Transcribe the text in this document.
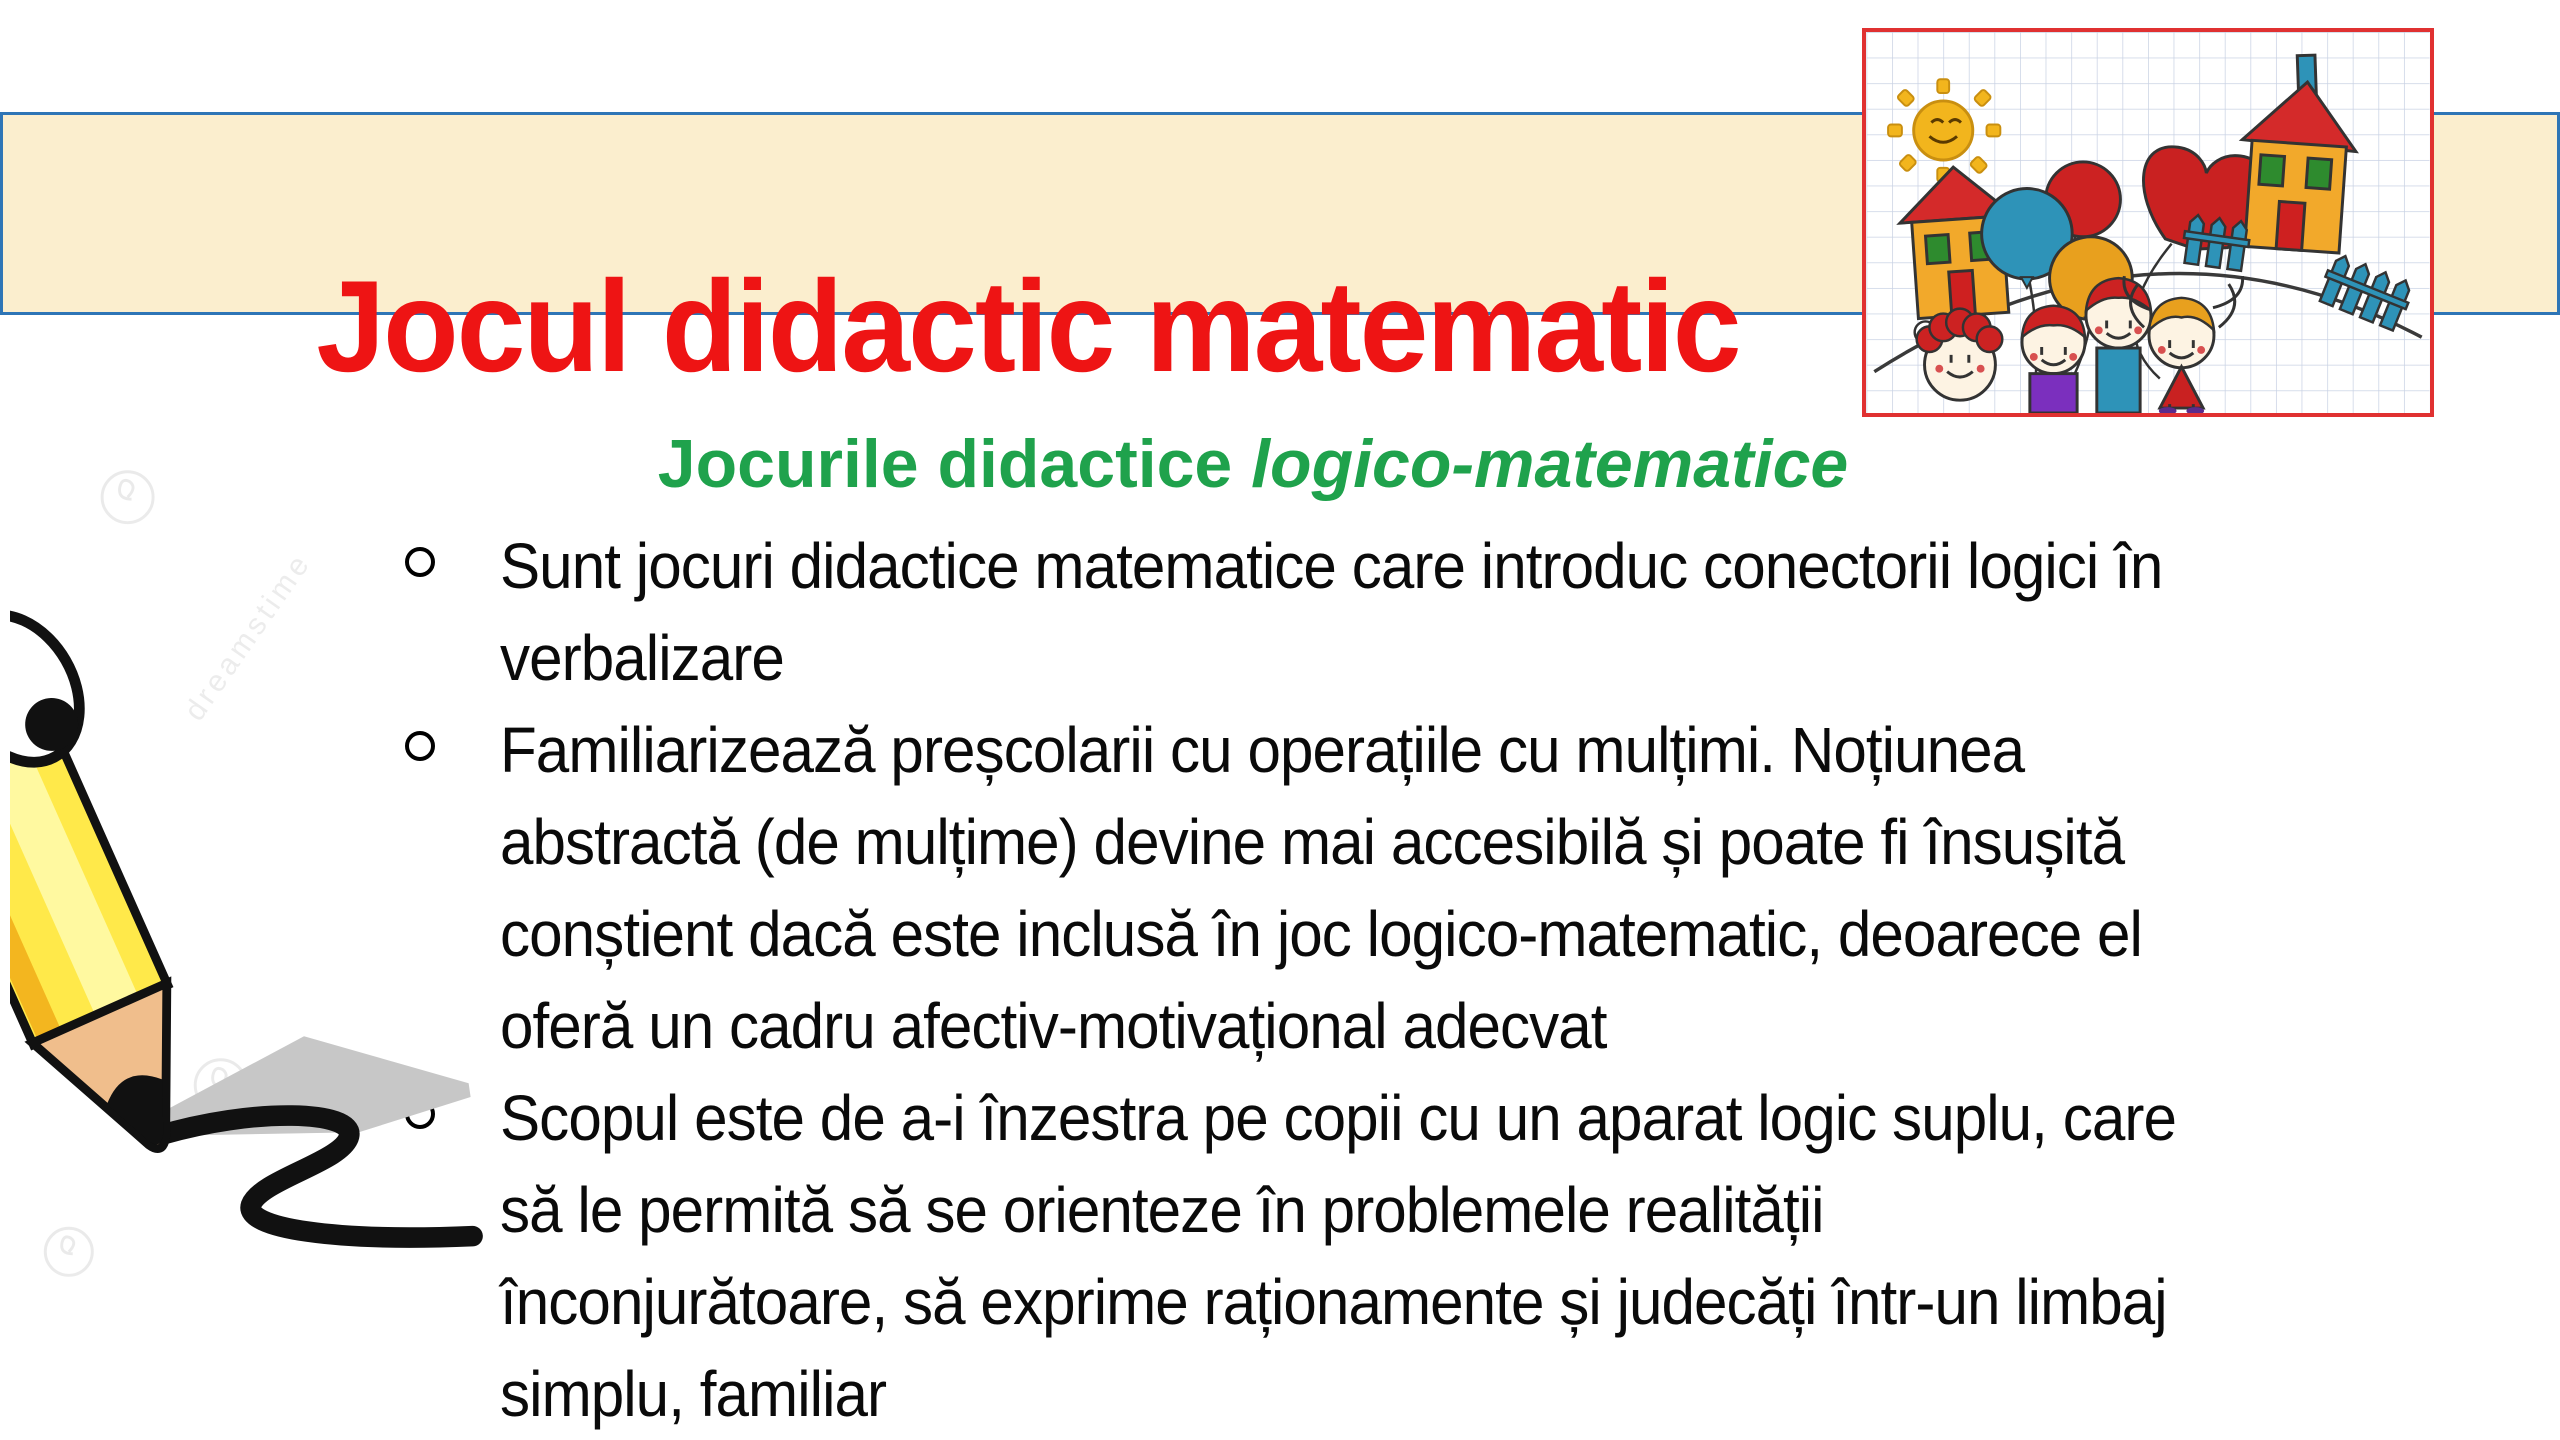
Jocul didactic matematic
Jocurile didactice logico-matematice
Sunt jocuri didactice matematice care introduc conectorii logici în
verbalizare
Familiarizează preșcolarii cu operațiile cu mulțimi. Noțiunea
abstractă (de mulțime) devine mai accesibilă și poate fi însușită
conștient dacă este inclusă în joc logico-matematic, deoarece el
oferă un cadru afectiv-motivațional adecvat
Scopul este de a-i înzestra pe copii cu un aparat logic suplu, care
să le permită să se orienteze în problemele realității
înconjurătoare, să exprime raționamente și judecăți într-un limbaj
simplu, familiar
dreamstime
